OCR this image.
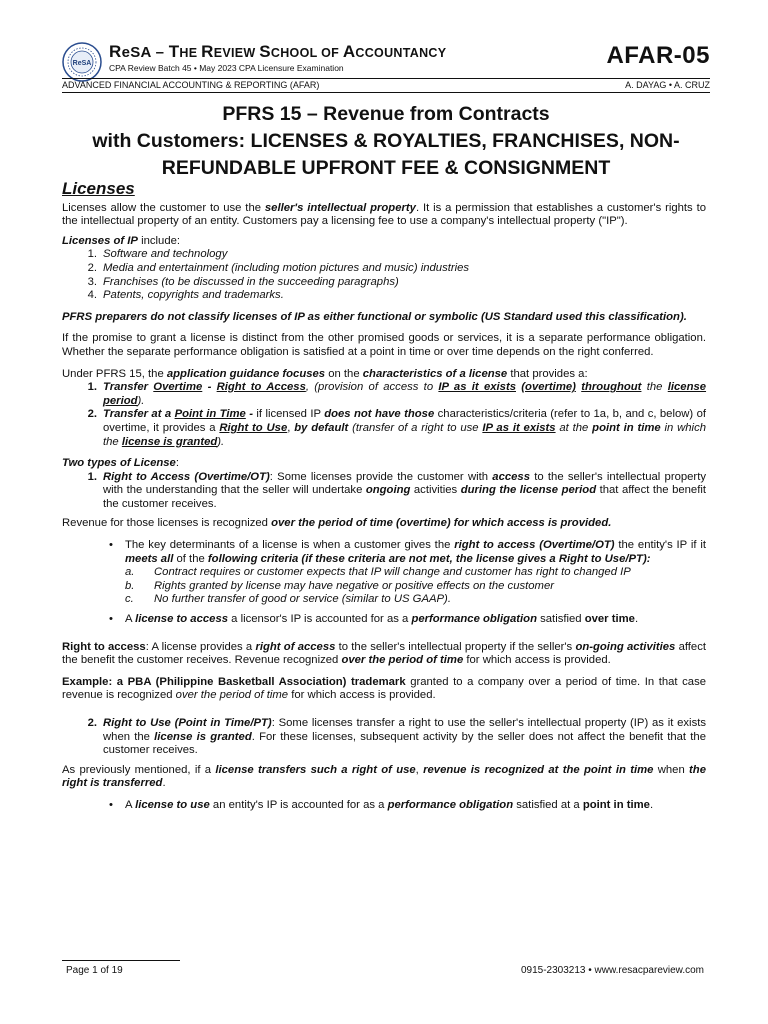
ReSA
ReSA – THE REVIEW SCHOOL OF ACCOUNTANCY
CPA Review Batch 45 • May 2023 CPA Licensure Examination	AFAR-05
ADVANCED FINANCIAL ACCOUNTING & REPORTING (AFAR)	A. DAYAG • A. CRUZ
PFRS 15 – Revenue from Contracts
with Customers: LICENSES & ROYALTIES, FRANCHISES, NON-
REFUNDABLE UPFRONT FEE & CONSIGNMENT
Licenses

Licenses allow the customer to use the seller's intellectual property. It is a permission that establishes a customer's rights to the intellectual property of an entity. Customers pay a licensing fee to use a company's intellectual property ("IP").

Licenses of IP include:

1. Software and technology
2. Media and entertainment (including motion pictures and music) industries
3. Franchises (to be discussed in the succeeding paragraphs)
4. Patents, copyrights and trademarks.

PFRS preparers do not classify licenses of IP as either functional or symbolic (US Standard used this classification).

If the promise to grant a license is distinct from the other promised goods or services, it is a separate performance obligation. Whether the separate performance obligation is satisfied at a point in time or over time depends on the right conferred.

Under PFRS 15, the application guidance focuses on the characteristics of a license that provides a:

1. Transfer Overtime - Right to Access, (provision of access to IP as it exists (overtime) throughout the license period).
2. Transfer at a Point in Time - if licensed IP does not have those characteristics/criteria (refer to 1a, b, and c, below) of overtime, it provides a Right to Use, by default (transfer of a right to use IP as it exists at the point in time in which the license is granted).

Two types of License:

1. Right to Access (Overtime/OT): Some licenses provide the customer with access to the seller's intellectual property with the understanding that the seller will undertake ongoing activities during the license period that affect the benefit the customer receives.

Revenue for those licenses is recognized over the period of time (overtime) for which access is provided.

•	The key determinants of a license is when a customer gives the right to access (Overtime/OT) the entity's IP if it meets all of the following criteria (if these criteria are not met, the license gives a Right to Use/PT):
a.	Contract requires or customer expects that IP will change and customer has right to changed IP
b.	Rights granted by license may have negative or positive effects on the customer
c.	No further transfer of good or service (similar to US GAAP).
•	A license to access a licensor's IP is accounted for as a performance obligation satisfied over time.

Right to access: A license provides a right of access to the seller's intellectual property if the seller's on-going activities affect the benefit the customer receives. Revenue recognized over the period of time for which access is provided.

Example: a PBA (Philippine Basketball Association) trademark granted to a company over a period of time. In that case revenue is recognized over the period of time for which access is provided.

2. Right to Use (Point in Time/PT): Some licenses transfer a right to use the seller's intellectual property (IP) as it exists when the license is granted. For these licenses, subsequent activity by the seller does not affect the benefit that the customer receives.

As previously mentioned, if a license transfers such a right of use, revenue is recognized at the point in time when the right is transferred.

•	A license to use an entity's IP is accounted for as a performance obligation satisfied at a point in time.
Page 1 of 19	0915-2303213 • www.resacpareview.com
